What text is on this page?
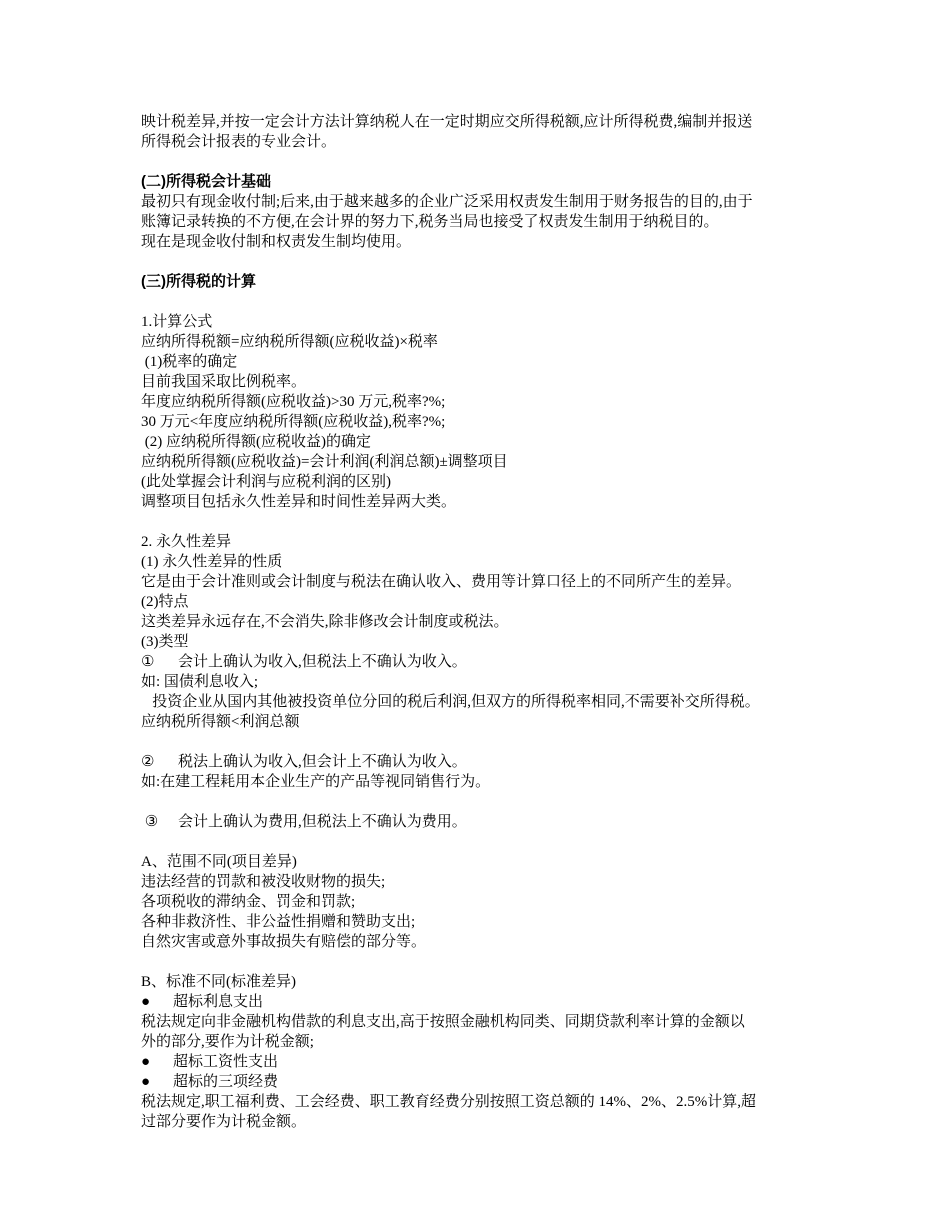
映计税差异,并按一定会计方法计算纳税人在一定时期应交所得税额,应计所得税费,编制并报送
所得税会计报表的专业会计。
(二)所得税会计基础
最初只有现金收付制;后来,由于越来越多的企业广泛采用权责发生制用于财务报告的目的,由于
账簿记录转换的不方便,在会计界的努力下,税务当局也接受了权责发生制用于纳税目的。
现在是现金收付制和权责发生制均使用。
(三)所得税的计算
1.计算公式
应纳所得税额=应纳税所得额(应税收益)×税率
(1)税率的确定
目前我国采取比例税率。
年度应纳税所得额(应税收益)>30 万元,税率?%;
30 万元<年度应纳税所得额(应税收益),税率?%;
(2) 应纳税所得额(应税收益)的确定
应纳税所得额(应税收益)=会计利润(利润总额)±调整项目
(此处掌握会计利润与应税利润的区别)
调整项目包括永久性差异和时间性差异两大类。
2. 永久性差异
(1) 永久性差异的性质
它是由于会计准则或会计制度与税法在确认收入、费用等计算口径上的不同所产生的差异。
(2)特点
这类差异永远存在,不会消失,除非修改会计制度或税法。
(3)类型
① 会计上确认为收入,但税法上不确认为收入。
如: 国债利息收入;
投资企业从国内其他被投资单位分回的税后利润,但双方的所得税率相同,不需要补交所得税。
应纳税所得额<利润总额
② 税法上确认为收入,但会计上不确认为收入。
如:在建工程耗用本企业生产的产品等视同销售行为。
③ 会计上确认为费用,但税法上不确认为费用。
A、范围不同(项目差异)
违法经营的罚款和被没收财物的损失;
各项税收的滞纳金、罚金和罚款;
各种非救济性、非公益性捐赠和赞助支出;
自然灾害或意外事故损失有赔偿的部分等。
B、标准不同(标准差异)
● 超标利息支出
税法规定向非金融机构借款的利息支出,高于按照金融机构同类、同期贷款利率计算的金额以
外的部分,要作为计税金额;
● 超标工资性支出
● 超标的三项经费
税法规定,职工福利费、工会经费、职工教育经费分别按照工资总额的 14%、2%、2.5%计算,超
过部分要作为计税金额。
